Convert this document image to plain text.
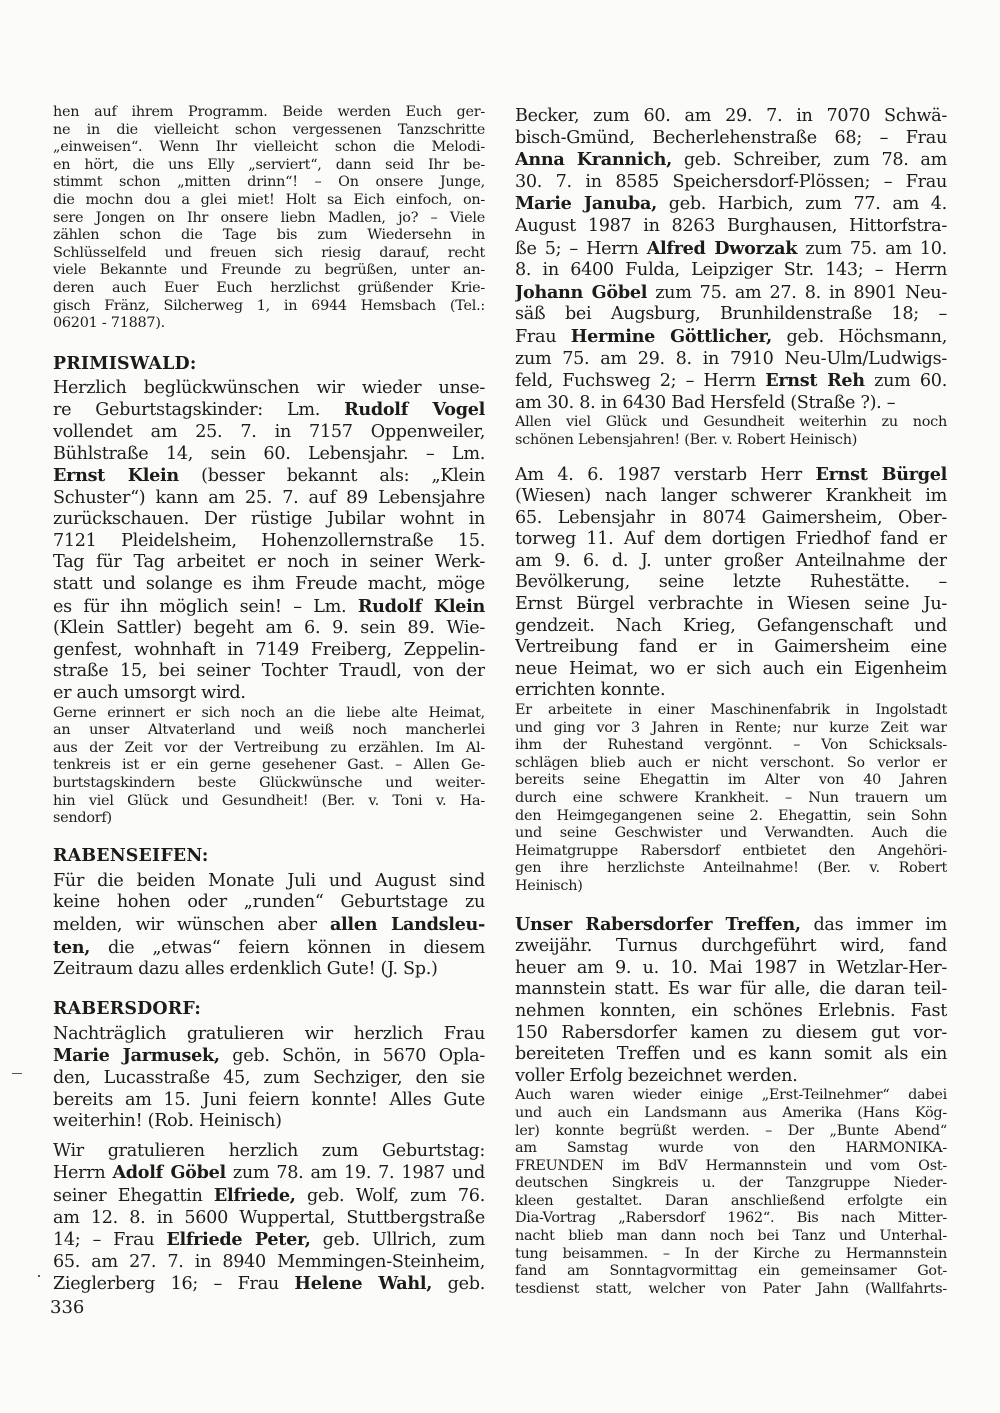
hen auf ihrem Programm. Beide werden Euch ger-
ne in die vielleicht schon vergessenen Tanzschritte
„einweisen“. Wenn Ihr vielleicht schon die Melodi-
en hört, die uns Elly „serviert“, dann seid Ihr be-
stimmt schon „mitten drinn“! – On onsere Junge,
die mochn dou a glei miet! Holt sa Eich einfoch, on-
sere Jongen on Ihr onsere liebn Madlen, jo? – Viele
zählen schon die Tage bis zum Wiedersehn in
Schlüsselfeld und freuen sich riesig darauf, recht
viele Bekannte und Freunde zu begrüßen, unter an-
deren auch Euer Euch herzlichst grüßender Krie-
gisch Fränz, Silcherweg 1, in 6944 Hemsbach (Tel.:
06201 - 71887).
PRIMISWALD:
Herzlich beglückwünschen wir wieder unse-
re Geburtstagskinder: Lm. Rudolf Vogel
vollendet am 25. 7. in 7157 Oppenweiler,
Bühlstraße 14, sein 60. Lebensjahr. – Lm.
Ernst Klein (besser bekannt als: „Klein
Schuster“) kann am 25. 7. auf 89 Lebensjahre
zurückschauen. Der rüstige Jubilar wohnt in
7121 Pleidelsheim, Hohenzollernstraße 15.
Tag für Tag arbeitet er noch in seiner Werk-
statt und solange es ihm Freude macht, möge
es für ihn möglich sein! – Lm. Rudolf Klein
(Klein Sattler) begeht am 6. 9. sein 89. Wie-
genfest, wohnhaft in 7149 Freiberg, Zeppelin-
straße 15, bei seiner Tochter Traudl, von der
er auch umsorgt wird.
Gerne erinnert er sich noch an die liebe alte Heimat,
an unser Altvaterland und weiß noch mancherlei
aus der Zeit vor der Vertreibung zu erzählen. Im Al-
tenkreis ist er ein gerne gesehener Gast. – Allen Ge-
burtstagskindern beste Glückwünsche und weiter-
hin viel Glück und Gesundheit! (Ber. v. Toni v. Ha-
sendorf)
RABENSEIFEN:
Für die beiden Monate Juli und August sind
keine hohen oder „runden“ Geburtstage zu
melden, wir wünschen aber allen Landsleu-
ten, die „etwas“ feiern können in diesem
Zeitraum dazu alles erdenklich Gute! (J. Sp.)
RABERSDORF:
Nachträglich gratulieren wir herzlich Frau
Marie Jarmusek, geb. Schön, in 5670 Opla-
den, Lucasstraße 45, zum Sechziger, den sie
bereits am 15. Juni feiern konnte! Alles Gute
weiterhin! (Rob. Heinisch)
Wir gratulieren herzlich zum Geburtstag:
Herrn Adolf Göbel zum 78. am 19. 7. 1987 und
seiner Ehegattin Elfriede, geb. Wolf, zum 76.
am 12. 8. in 5600 Wuppertal, Stuttbergstraße
14; – Frau Elfriede Peter, geb. Ullrich, zum
65. am 27. 7. in 8940 Memmingen-Steinheim,
Zieglerberg 16; – Frau Helene Wahl, geb.
Becker, zum 60. am 29. 7. in 7070 Schwä-
bisch-Gmünd, Becherlehenstraße 68; – Frau
Anna Krannich, geb. Schreiber, zum 78. am
30. 7. in 8585 Speichersdorf-Plössen; – Frau
Marie Januba, geb. Harbich, zum 77. am 4.
August 1987 in 8263 Burghausen, Hittorfstra-
ße 5; – Herrn Alfred Dworzak zum 75. am 10.
8. in 6400 Fulda, Leipziger Str. 143; – Herrn
Johann Göbel zum 75. am 27. 8. in 8901 Neu-
säß bei Augsburg, Brunhildenstraße 18; –
Frau Hermine Göttlicher, geb. Höchsmann,
zum 75. am 29. 8. in 7910 Neu-Ulm/Ludwigs-
feld, Fuchsweg 2; – Herrn Ernst Reh zum 60.
am 30. 8. in 6430 Bad Hersfeld (Straße ?). –
Allen viel Glück und Gesundheit weiterhin zu noch
schönen Lebensjahren! (Ber. v. Robert Heinisch)
Am 4. 6. 1987 verstarb Herr Ernst Bürgel
(Wiesen) nach langer schwerer Krankheit im
65. Lebensjahr in 8074 Gaimersheim, Ober-
torweg 11. Auf dem dortigen Friedhof fand er
am 9. 6. d. J. unter großer Anteilnahme der
Bevölkerung, seine letzte Ruhestätte. –
Ernst Bürgel verbrachte in Wiesen seine Ju-
gendzeit. Nach Krieg, Gefangenschaft und
Vertreibung fand er in Gaimersheim eine
neue Heimat, wo er sich auch ein Eigenheim
errichten konnte.
Er arbeitete in einer Maschinenfabrik in Ingolstadt
und ging vor 3 Jahren in Rente; nur kurze Zeit war
ihm der Ruhestand vergönnt. – Von Schicksals-
schlägen blieb auch er nicht verschont. So verlor er
bereits seine Ehegattin im Alter von 40 Jahren
durch eine schwere Krankheit. – Nun trauern um
den Heimgegangenen seine 2. Ehegattin, sein Sohn
und seine Geschwister und Verwandten. Auch die
Heimatgruppe Rabersdorf entbietet den Angehöri-
gen ihre herzlichste Anteilnahme! (Ber. v. Robert
Heinisch)
Unser Rabersdorfer Treffen, das immer im
zweijähr. Turnus durchgeführt wird, fand
heuer am 9. u. 10. Mai 1987 in Wetzlar-Her-
mannstein statt. Es war für alle, die daran teil-
nehmen konnten, ein schönes Erlebnis. Fast
150 Rabersdorfer kamen zu diesem gut vor-
bereiteten Treffen und es kann somit als ein
voller Erfolg bezeichnet werden.
Auch waren wieder einige „Erst-Teilnehmer“ dabei
und auch ein Landsmann aus Amerika (Hans Kög-
ler) konnte begrüßt werden. – Der „Bunte Abend“
am Samstag wurde von den HARMONIKA-
FREUNDEN im BdV Hermannstein und vom Ost-
deutschen Singkreis u. der Tanzgruppe Nieder-
kleen gestaltet. Daran anschließend erfolgte ein
Dia-Vortrag „Rabersdorf 1962“. Bis nach Mitter-
nacht blieb man dann noch bei Tanz und Unterhal-
tung beisammen. – In der Kirche zu Hermannstein
fand am Sonntagvormittag ein gemeinsamer Got-
tesdienst statt, welcher von Pater Jahn (Wallfahrts-
336
